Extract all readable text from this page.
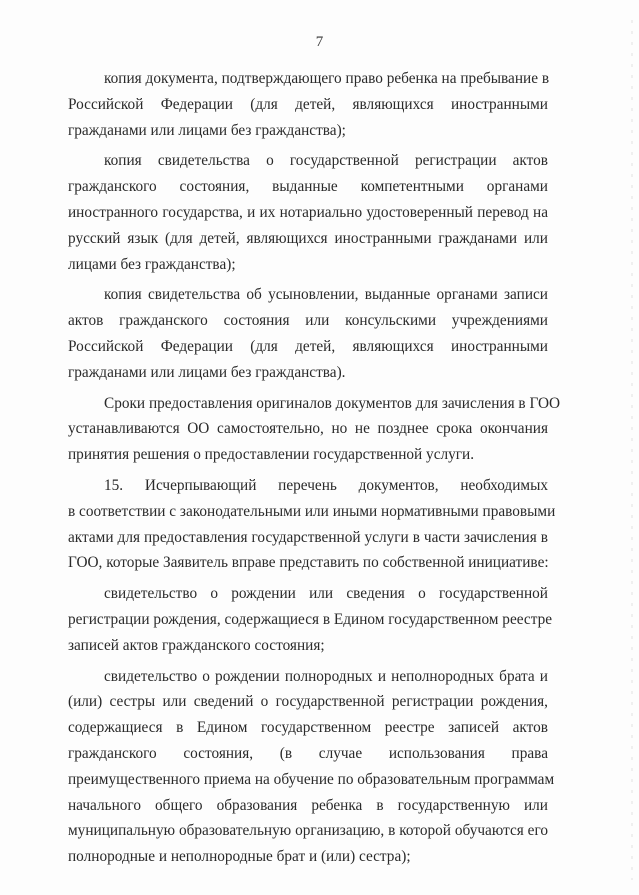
7
копия документа, подтверждающего право ребенка на пребывание в
Российской Федерации (для детей, являющихся иностранными
гражданами или лицами без гражданства);
копия свидетельства о государственной регистрации актов
гражданского состояния, выданные компетентными органами
иностранного государства, и их нотариально удостоверенный перевод на
русский язык (для детей, являющихся иностранными гражданами или
лицами без гражданства);
копия свидетельства об усыновлении, выданные органами записи
актов гражданского состояния или консульскими учреждениями
Российской Федерации (для детей, являющихся иностранными
гражданами или лицами без гражданства).
Сроки предоставления оригиналов документов для зачисления в ГОО
устанавливаются ОО самостоятельно, но не позднее срока окончания
принятия решения о предоставлении государственной услуги.
15. Исчерпывающий перечень документов, необходимых
в соответствии с законодательными или иными нормативными правовыми
актами для предоставления государственной услуги в части зачисления в
ГОО, которые Заявитель вправе представить по собственной инициативе:
свидетельство о рождении или сведения о государственной
регистрации рождения, содержащиеся в Едином государственном реестре
записей актов гражданского состояния;
свидетельство о рождении полнородных и неполнородных брата и
(или) сестры или сведений о государственной регистрации рождения,
содержащиеся в Едином государственном реестре записей актов
гражданского состояния, (в случае использования права
преимущественного приема на обучение по образовательным программам
начального общего образования ребенка в государственную или
муниципальную образовательную организацию, в которой обучаются его
полнородные и неполнородные брат и (или) сестра);
